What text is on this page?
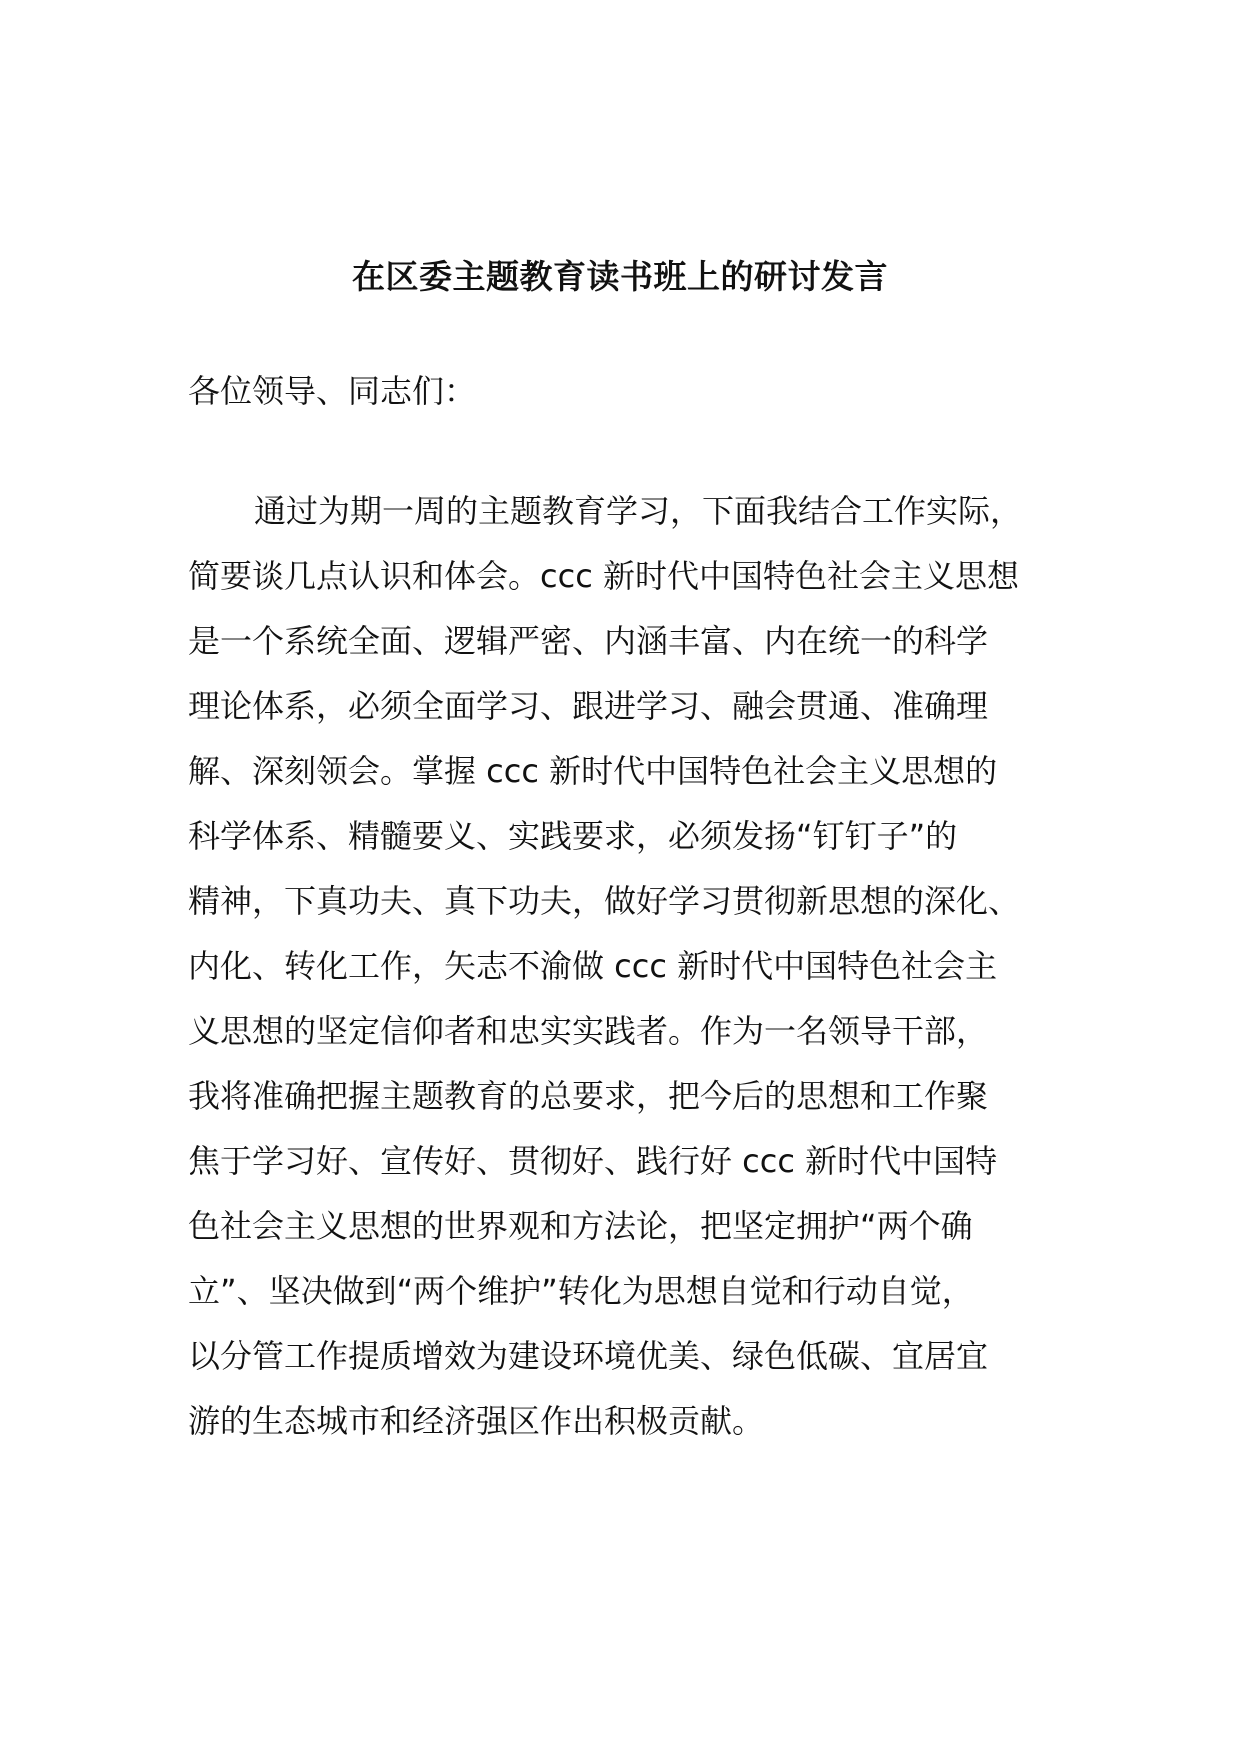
在区委主题教育读书班上的研讨发言

各位领导、同志们：

通过为期一周的主题教育学习，下面我结合工作实际，
简要谈几点认识和体会。ccc 新时代中国特色社会主义思想
是一个系统全面、逻辑严密、内涵丰富、内在统一的科学
理论体系，必须全面学习、跟进学习、融会贯通、准确理
解、深刻领会。掌握 ccc 新时代中国特色社会主义思想的
科学体系、精髓要义、实践要求，必须发扬“钉钉子”的
精神，下真功夫、真下功夫，做好学习贯彻新思想的深化、
内化、转化工作，矢志不渝做 ccc 新时代中国特色社会主
义思想的坚定信仰者和忠实实践者。作为一名领导干部，
我将准确把握主题教育的总要求，把今后的思想和工作聚
焦于学习好、宣传好、贯彻好、践行好 ccc 新时代中国特
色社会主义思想的世界观和方法论，把坚定拥护“两个确
立”、坚决做到“两个维护”转化为思想自觉和行动自觉，
以分管工作提质增效为建设环境优美、绿色低碳、宜居宜
游的生态城市和经济强区作出积极贡献。
